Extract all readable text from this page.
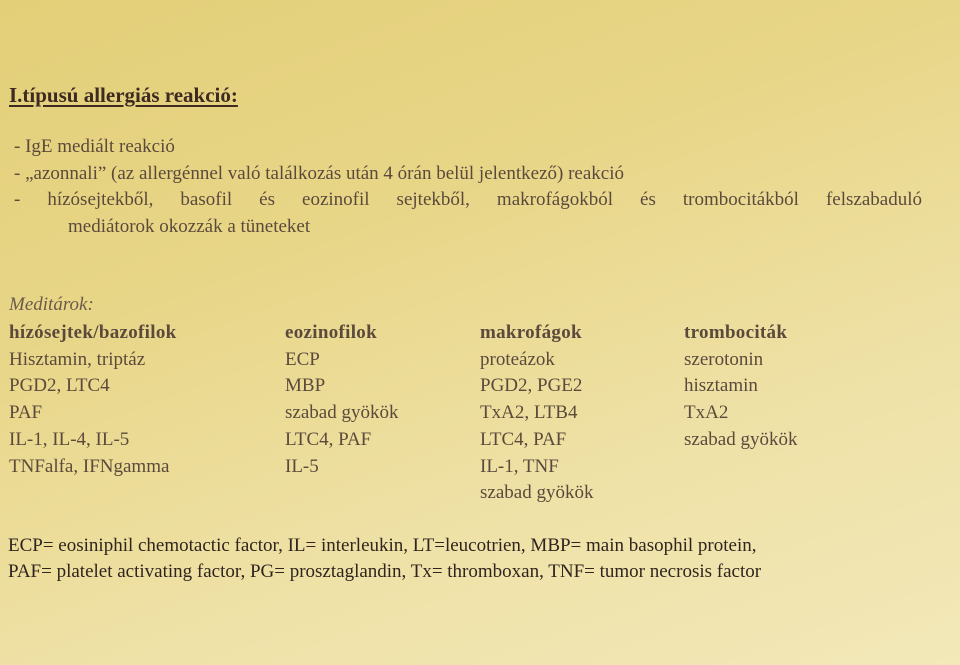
I.típusú allergiás reakció:
- IgE mediált reakció
- „azonnali” (az allergénnel való találkozás után 4 órán belül jelentkező) reakció
- hízósejtekből, basofil és eozinofil sejtekből, makrofágokból és trombocitákból felszabaduló
mediátorok okozzák a tüneteket
Meditárok:
hízósejtek/bazofilok
Hisztamin, triptáz
PGD2, LTC4
PAF
IL-1, IL-4, IL-5
TNFalfa, IFNgamma
eozinofilok
ECP
MBP
szabad gyökök
LTC4, PAF
IL-5
makrofágok
proteázok
PGD2, PGE2
TxA2, LTB4
LTC4, PAF
IL-1, TNF
szabad gyökök
trombociták
szerotonin
hisztamin
TxA2
szabad gyökök
ECP= eosiniphil chemotactic factor, IL= interleukin, LT=leucotrien, MBP= main basophil protein,
PAF= platelet activating factor, PG= prosztaglandin, Tx= thromboxan, TNF= tumor necrosis factor
